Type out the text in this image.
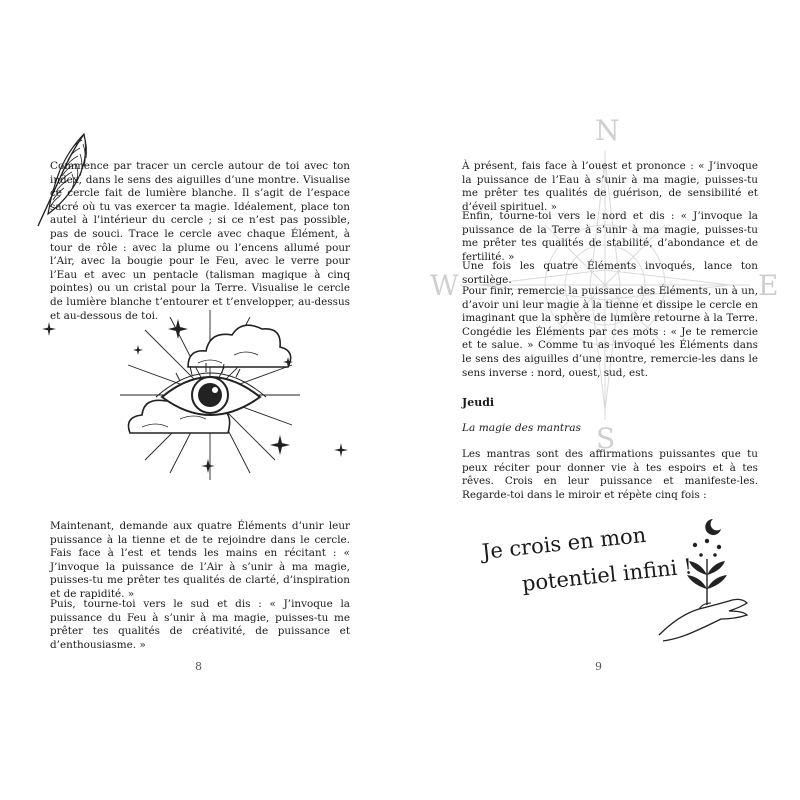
Commence par tracer un cercle autour de toi avec ton index, dans le sens des aiguilles d’une montre. Visualise ce cercle fait de lumière blanche. Il s’agit de l’espace sacré où tu vas exercer ta magie. Idéalement, place ton autel à l’intérieur du cercle ; si ce n’est pas possible, pas de souci. Trace le cercle avec chaque Élément, à tour de rôle : avec la plume ou l’encens allumé pour l’Air, avec la bougie pour le Feu, avec le verre pour l’Eau et avec un pentacle (talisman magique à cinq pointes) ou un cristal pour la Terre. Visualise le cercle de lumière blanche t’entourer et t’envelopper, au-dessus et au-dessous de toi.

Maintenant, demande aux quatre Éléments d’unir leur puissance à la tienne et de te rejoindre dans le cercle. Fais face à l’est et tends les mains en récitant : « J’invoque la puissance de l’Air à s’unir à ma magie, puisses-tu me prêter tes qualités de clarté, d’inspiration et de rapidité. »

Puis, tourne-toi vers le sud et dis : « J’invoque la puissance du Feu à s’unir à ma magie, puisses-tu me prêter tes qualités de créativité, de puissance et d’enthousiasme. »

8
N
W	E
S

À présent, fais face à l’ouest et prononce : « J’invoque la puissance de l’Eau à s’unir à ma magie, puisses-tu me prêter tes qualités de guérison, de sensibilité et d’éveil spirituel. »

Enfin, tourne-toi vers le nord et dis : « J’invoque la puissance de la Terre à s’unir à ma magie, puisses-tu me prêter tes qualités de stabilité, d’abondance et de fertilité. »

Une fois les quatre Éléments invoqués, lance ton sortilège.

Pour finir, remercie la puissance des Éléments, un à un, d’avoir uni leur magie à la tienne et dissipe le cercle en imaginant que la sphère de lumière retourne à la Terre. Congédie les Éléments par ces mots : « Je te remercie et te salue. » Comme tu as invoqué les Éléments dans le sens des aiguilles d’une montre, remercie-les dans le sens inverse : nord, ouest, sud, est.

Jeudi
La magie des mantras

Les mantras sont des affirmations puissantes que tu peux réciter pour donner vie à tes espoirs et à tes rêves. Crois en leur puissance et manifeste-les. Regarde-toi dans le miroir et répète cinq fois :

Je crois en mon
potentiel infini !
9
